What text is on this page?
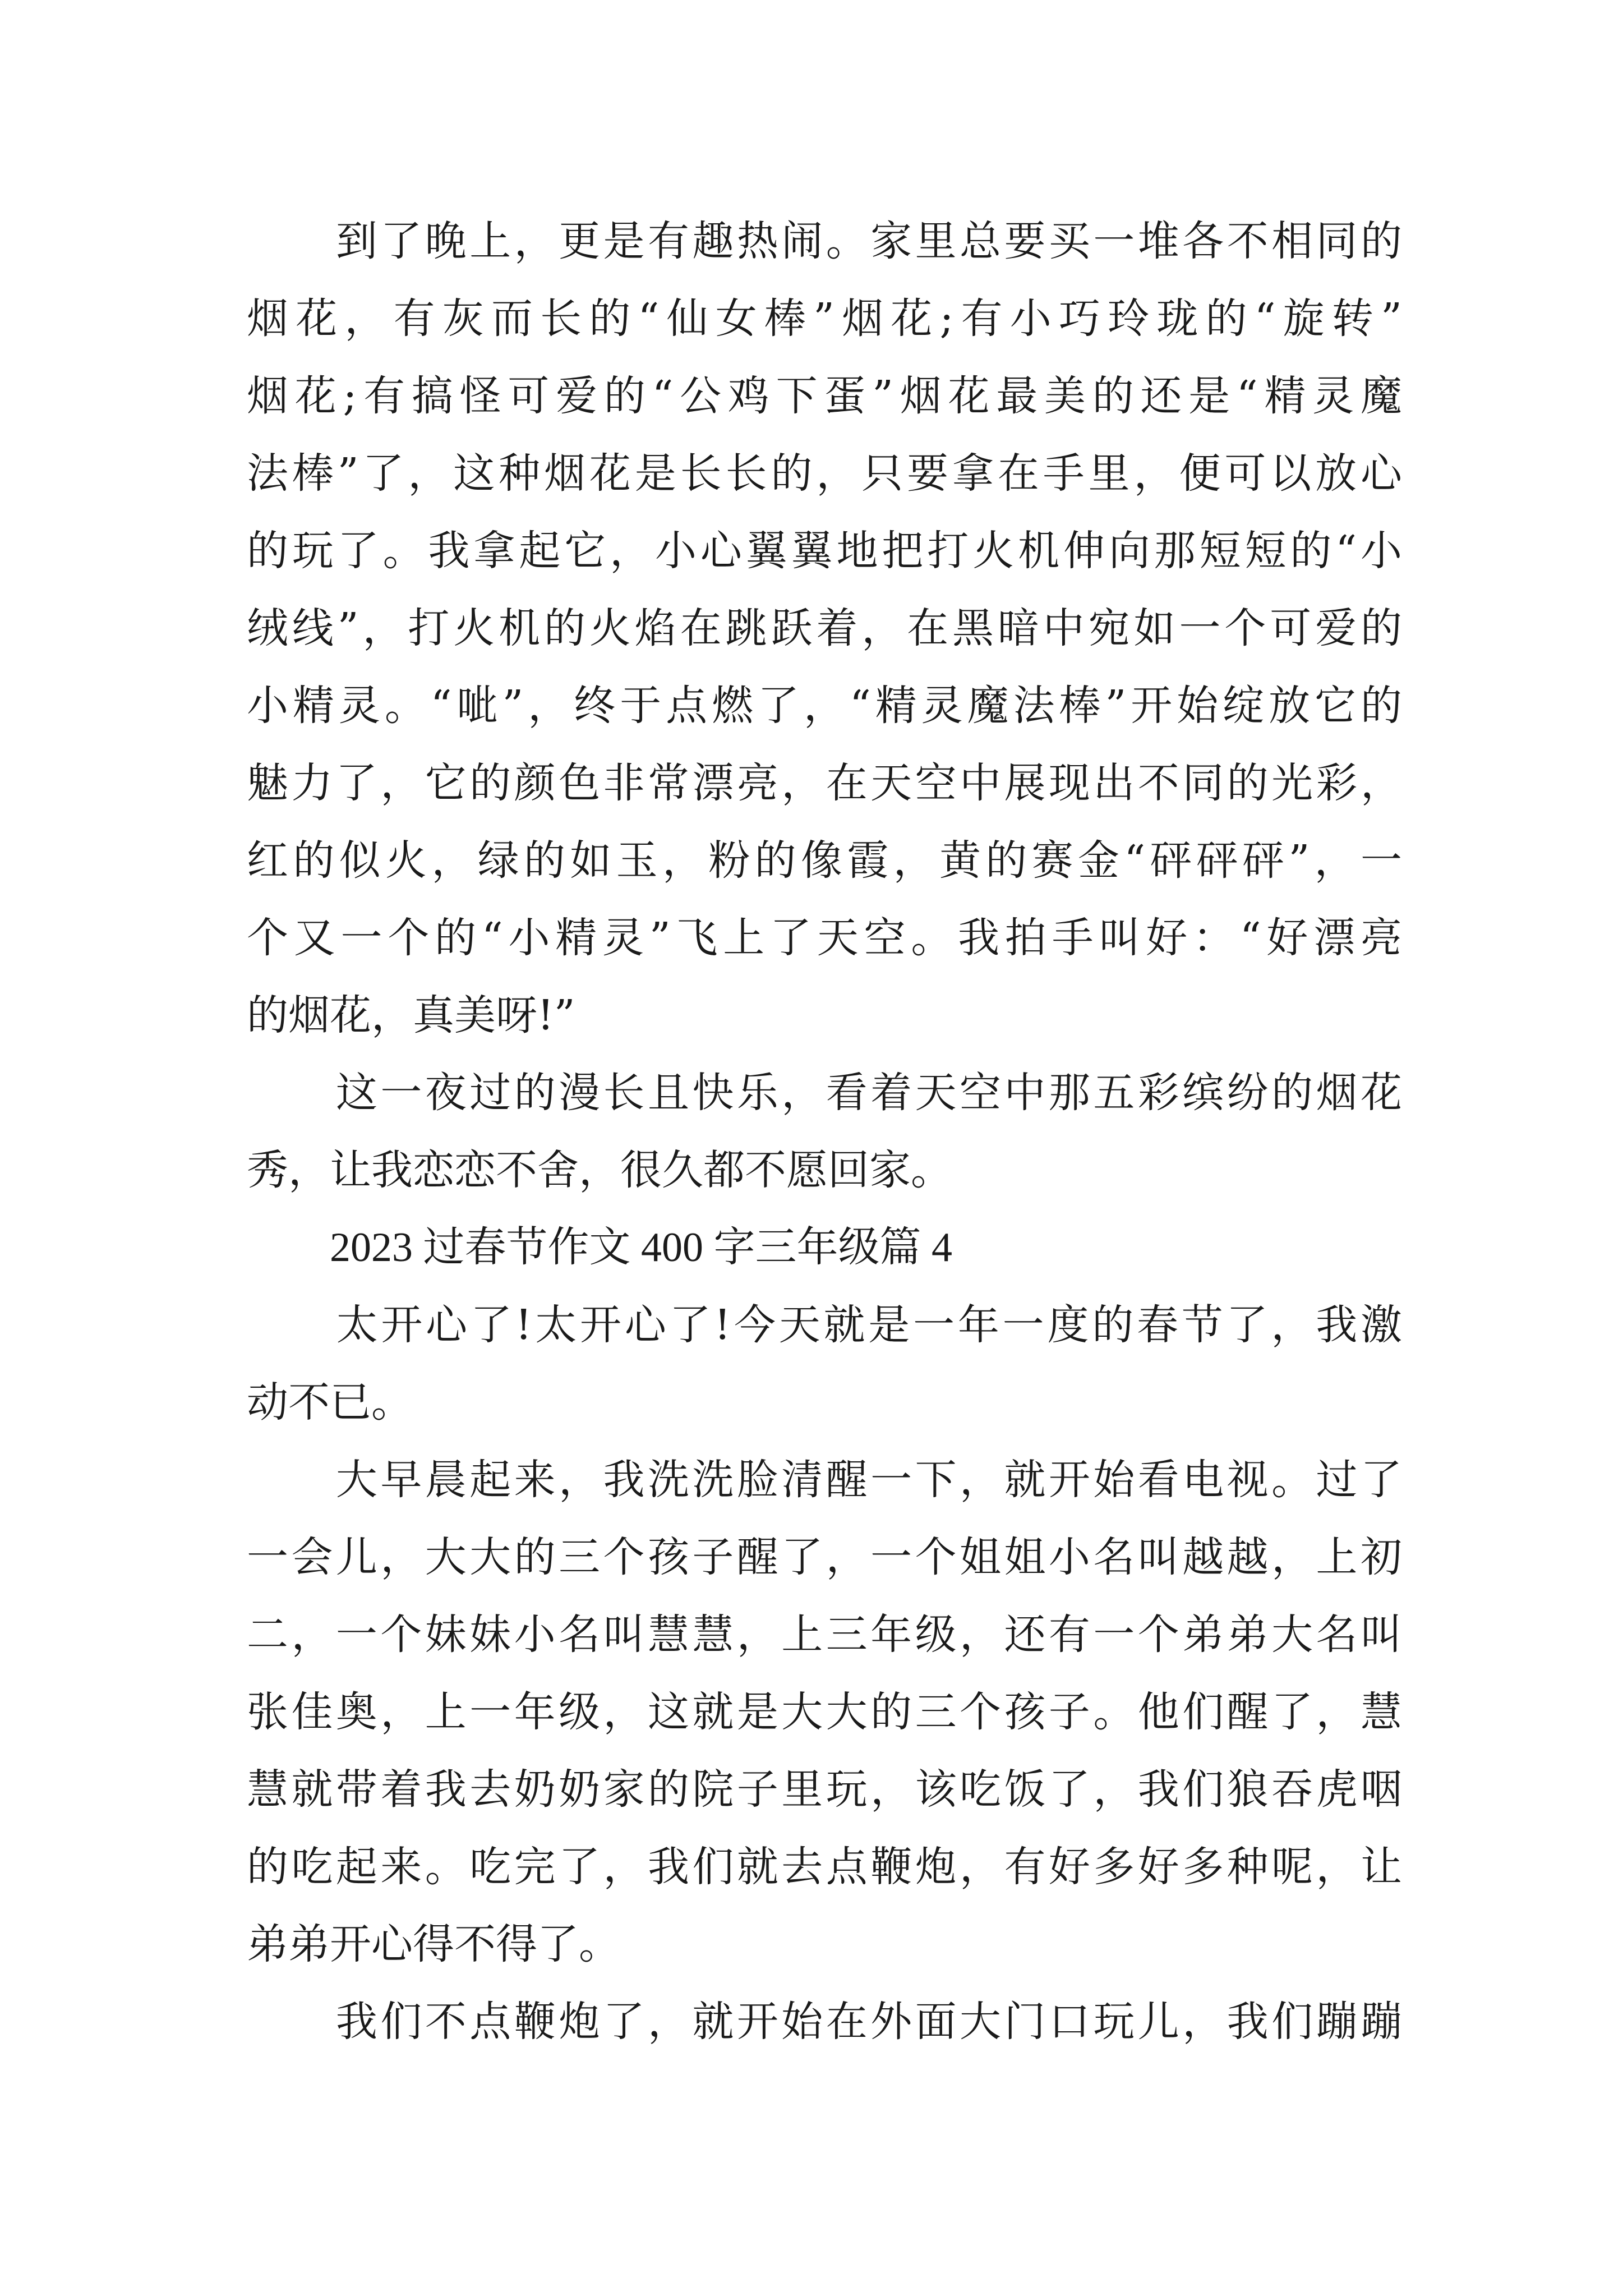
　　到了晚上，更是有趣热闹。家里总要买一堆各不相同的
烟花，有灰而长的“仙女棒”烟花;有小巧玲珑的“旋转”
烟花;有搞怪可爱的“公鸡下蛋”烟花最美的还是“精灵魔
法棒”了，这种烟花是长长的，只要拿在手里，便可以放心
的玩了。我拿起它，小心翼翼地把打火机伸向那短短的“小
绒线”，打火机的火焰在跳跃着，在黑暗中宛如一个可爱的
小精灵。“呲”，终于点燃了，“精灵魔法棒”开始绽放它的
魅力了，它的颜色非常漂亮，在天空中展现出不同的光彩，
红的似火，绿的如玉，粉的像霞，黄的赛金“砰砰砰”，一
个又一个的“小精灵”飞上了天空。我拍手叫好：“好漂亮
的烟花，真美呀!”
　　这一夜过的漫长且快乐，看着天空中那五彩缤纷的烟花
秀，让我恋恋不舍，很久都不愿回家。
　　2023 过春节作文 400 字三年级篇 4
　　太开心了!太开心了!今天就是一年一度的春节了，我激
动不已。
　　大早晨起来，我洗洗脸清醒一下，就开始看电视。过了
一会儿，大大的三个孩子醒了，一个姐姐小名叫越越，上初
二，一个妹妹小名叫慧慧，上三年级，还有一个弟弟大名叫
张佳奥，上一年级，这就是大大的三个孩子。他们醒了，慧
慧就带着我去奶奶家的院子里玩，该吃饭了，我们狼吞虎咽
的吃起来。吃完了，我们就去点鞭炮，有好多好多种呢，让
弟弟开心得不得了。
　　我们不点鞭炮了，就开始在外面大门口玩儿，我们蹦蹦
